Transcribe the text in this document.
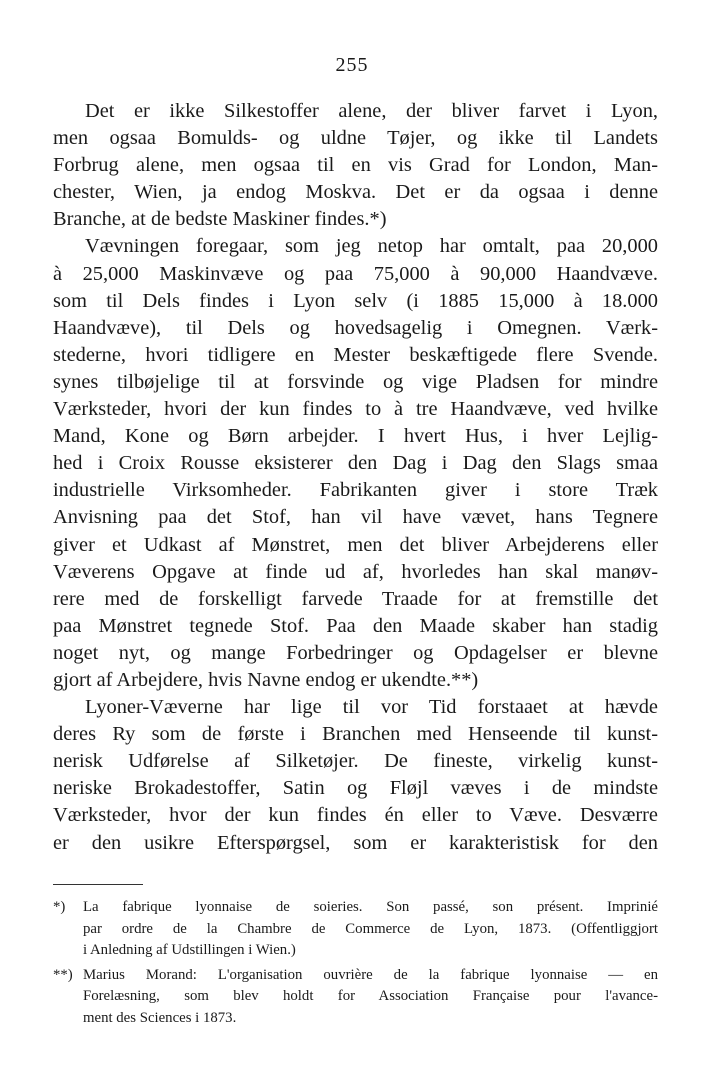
255
Det er ikke Silkestoffer alene, der bliver farvet i Lyon,
men ogsaa Bomulds- og uldne Tøjer, og ikke til Landets
Forbrug alene, men ogsaa til en vis Grad for London, Man-
chester, Wien, ja endog Moskva. Det er da ogsaa i denne
Branche, at de bedste Maskiner findes.*)
Vævningen foregaar, som jeg netop har omtalt, paa 20,000
à 25,000 Maskinvæve og paa 75,000 à 90,000 Haandvæve.
som til Dels findes i Lyon selv (i 1885 15,000 à 18.000
Haandvæve), til Dels og hovedsagelig i Omegnen. Værk-
stederne, hvori tidligere en Mester beskæftigede flere Svende.
synes tilbøjelige til at forsvinde og vige Pladsen for mindre
Værksteder, hvori der kun findes to à tre Haandvæve, ved hvilke
Mand, Kone og Børn arbejder. I hvert Hus, i hver Lejlig-
hed i Croix Rousse eksisterer den Dag i Dag den Slags smaa
industrielle Virksomheder. Fabrikanten giver i store Træk
Anvisning paa det Stof, han vil have vævet, hans Tegnere
giver et Udkast af Mønstret, men det bliver Arbejderens eller
Væverens Opgave at finde ud af, hvorledes han skal manøv-
rere med de forskelligt farvede Traade for at fremstille det
paa Mønstret tegnede Stof. Paa den Maade skaber han stadig
noget nyt, og mange Forbedringer og Opdagelser er blevne
gjort af Arbejdere, hvis Navne endog er ukendte.**)
Lyoner-Væverne har lige til vor Tid forstaaet at hævde
deres Ry som de første i Branchen med Henseende til kunst-
nerisk Udførelse af Silketøjer. De fineste, virkelig kunst-
neriske Brokadestoffer, Satin og Fløjl væves i de mindste
Værksteder, hvor der kun findes én eller to Væve. Desværre
er den usikre Efterspørgsel, som er karakteristisk for den
*)	La fabrique lyonnaise de soieries. Son passé, son présent. Imprinié
par ordre de la Chambre de Commerce de Lyon, 1873. (Offentliggjort
i Anledning af Udstillingen i Wien.)
**) Marius Morand: L'organisation ouvrière de la fabrique lyonnaise — en
Forelæsning, som blev holdt for Association Française pour l'avance-
ment des Sciences i 1873.
